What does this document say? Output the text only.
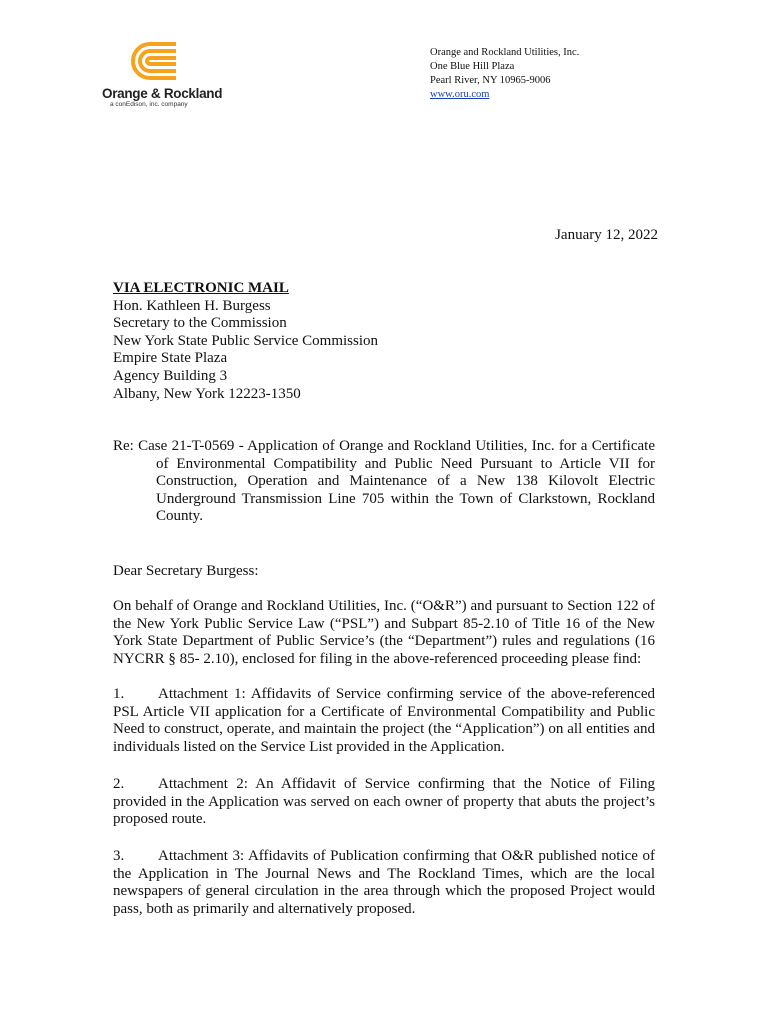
Orange & Rockland
a conEdison, inc. company
Orange and Rockland Utilities, Inc.
One Blue Hill Plaza
Pearl River, NY 10965-9006
www.oru.com
January 12, 2022
VIA ELECTRONIC MAIL
Hon. Kathleen H. Burgess
Secretary to the Commission
New York State Public Service Commission
Empire State Plaza
Agency Building 3
Albany, New York 12223-1350
Re: Case 21-T-0569 - Application of Orange and Rockland Utilities, Inc. for a Certificate of Environmental Compatibility and Public Need Pursuant to Article VII for Construction, Operation and Maintenance of a New 138 Kilovolt Electric Underground Transmission Line 705 within the Town of Clarkstown, Rockland County.
Dear Secretary Burgess:
On behalf of Orange and Rockland Utilities, Inc. (“O&R”) and pursuant to Section 122 of the New York Public Service Law (“PSL”) and Subpart 85-2.10 of Title 16 of the New York State Department of Public Service’s (the “Department”) rules and regulations (16 NYCRR § 85- 2.10), enclosed for filing in the above-referenced proceeding please find:
1. Attachment 1: Affidavits of Service confirming service of the above-referenced PSL Article VII application for a Certificate of Environmental Compatibility and Public Need to construct, operate, and maintain the project (the “Application”) on all entities and individuals listed on the Service List provided in the Application.
2. Attachment 2: An Affidavit of Service confirming that the Notice of Filing provided in the Application was served on each owner of property that abuts the project’s proposed route.
3. Attachment 3: Affidavits of Publication confirming that O&R published notice of the Application in The Journal News and The Rockland Times, which are the local newspapers of general circulation in the area through which the proposed Project would pass, both as primarily and alternatively proposed.
